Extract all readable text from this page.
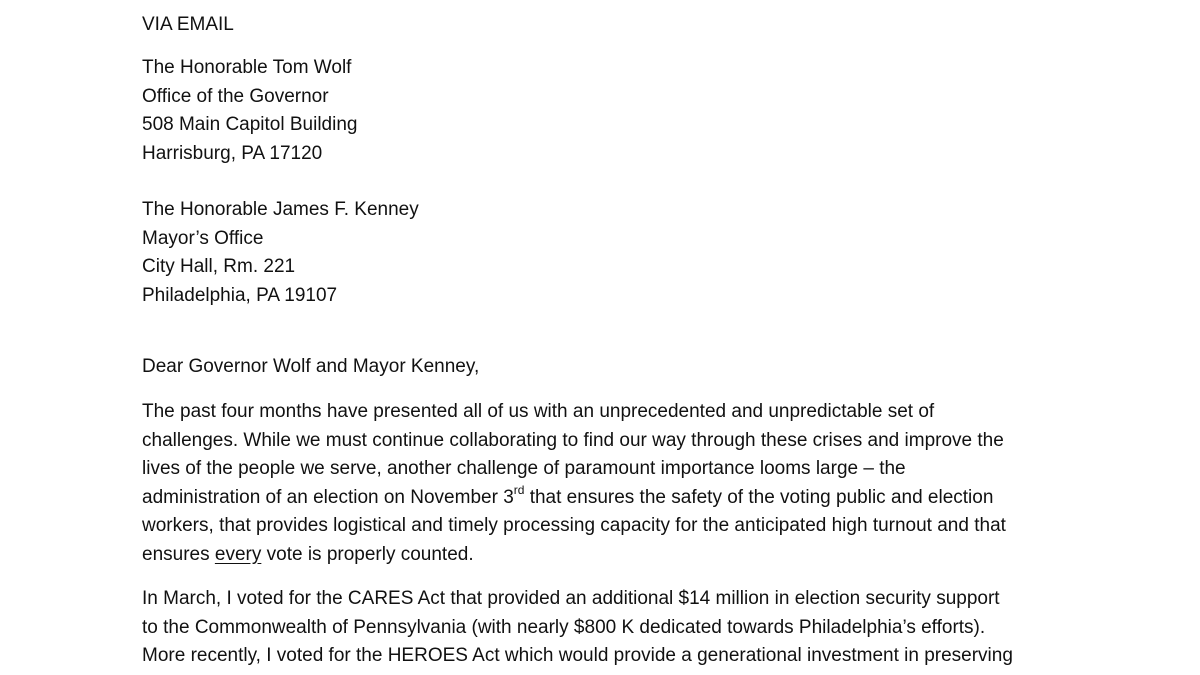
VIA EMAIL

The Honorable Tom Wolf
Office of the Governor
508 Main Capitol Building
Harrisburg, PA 17120

The Honorable James F. Kenney
Mayor’s Office
City Hall, Rm. 221
Philadelphia, PA 19107

Dear Governor Wolf and Mayor Kenney,

The past four months have presented all of us with an unprecedented and unpredictable set of
challenges. While we must continue collaborating to find our way through these crises and improve the
lives of the people we serve, another challenge of paramount importance looms large – the
administration of an election on November 3rd that ensures the safety of the voting public and election
workers, that provides logistical and timely processing capacity for the anticipated high turnout and that
ensures every vote is properly counted.

In March, I voted for the CARES Act that provided an additional $14 million in election security support
to the Commonwealth of Pennsylvania (with nearly $800 K dedicated towards Philadelphia’s efforts).
More recently, I voted for the HEROES Act which would provide a generational investment in preserving
